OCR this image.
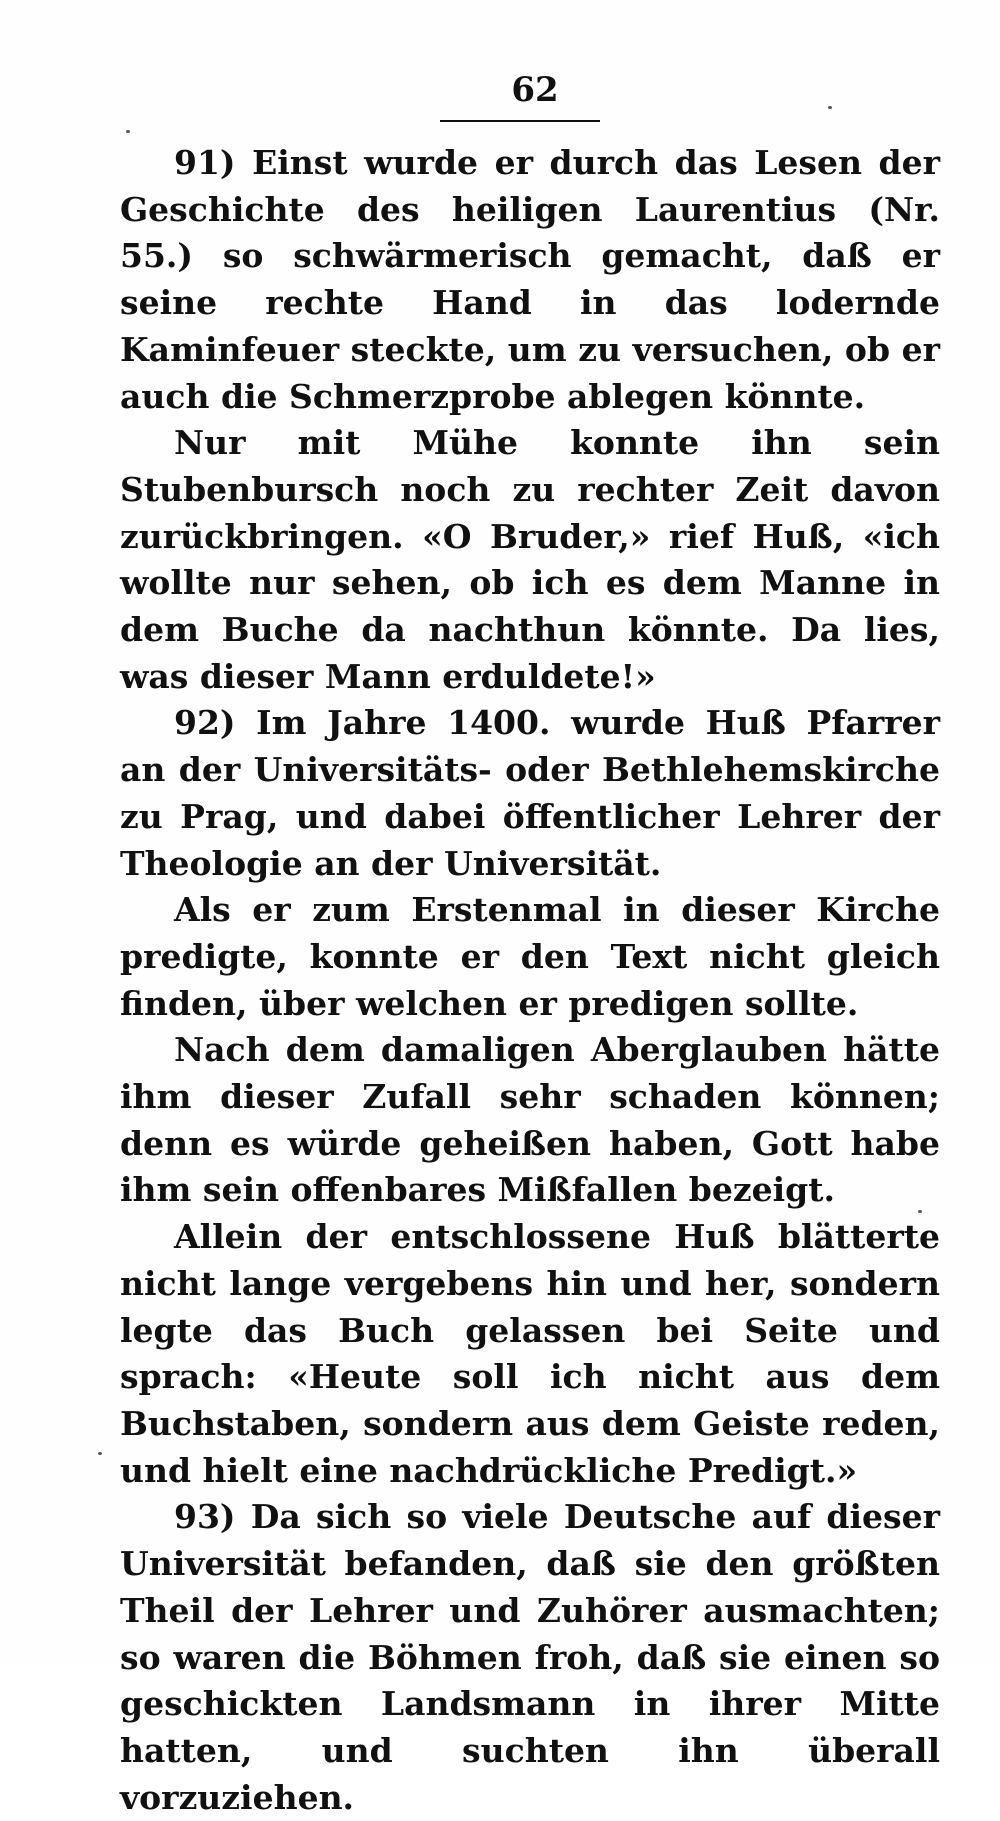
62

91) Einst wurde er durch das Lesen der Geschichte des heiligen Laurentius (Nr. 55.) so schwärmerisch gemacht, daß er seine rechte Hand in das lodernde Kaminfeuer steckte, um zu versuchen, ob er auch die Schmerzprobe ablegen könnte.

Nur mit Mühe konnte ihn sein Stubenbursch noch zu rechter Zeit davon zurückbringen. «O Bruder,» rief Huß, «ich wollte nur sehen, ob ich es dem Manne in dem Buche da nachthun könnte. Da lies, was dieser Mann erduldete!»

92) Im Jahre 1400. wurde Huß Pfarrer an der Universitäts- oder Bethlehemskirche zu Prag, und dabei öffentlicher Lehrer der Theologie an der Universität.

Als er zum Erstenmal in dieser Kirche predigte, konnte er den Text nicht gleich finden, über welchen er predigen sollte.

Nach dem damaligen Aberglauben hätte ihm dieser Zufall sehr schaden können; denn es würde geheißen haben, Gott habe ihm sein offenbares Mißfallen bezeigt.

Allein der entschlossene Huß blätterte nicht lange vergebens hin und her, sondern legte das Buch gelassen bei Seite und sprach: «Heute soll ich nicht aus dem Buchstaben, sondern aus dem Geiste reden, und hielt eine nachdrückliche Predigt.»

93) Da sich so viele Deutsche auf dieser Universität befanden, daß sie den größten Theil der Lehrer und Zuhörer ausmachten; so waren die Böhmen froh, daß sie einen so geschickten Landsmann in ihrer Mitte hatten, und suchten ihn überall vorzuziehen.
